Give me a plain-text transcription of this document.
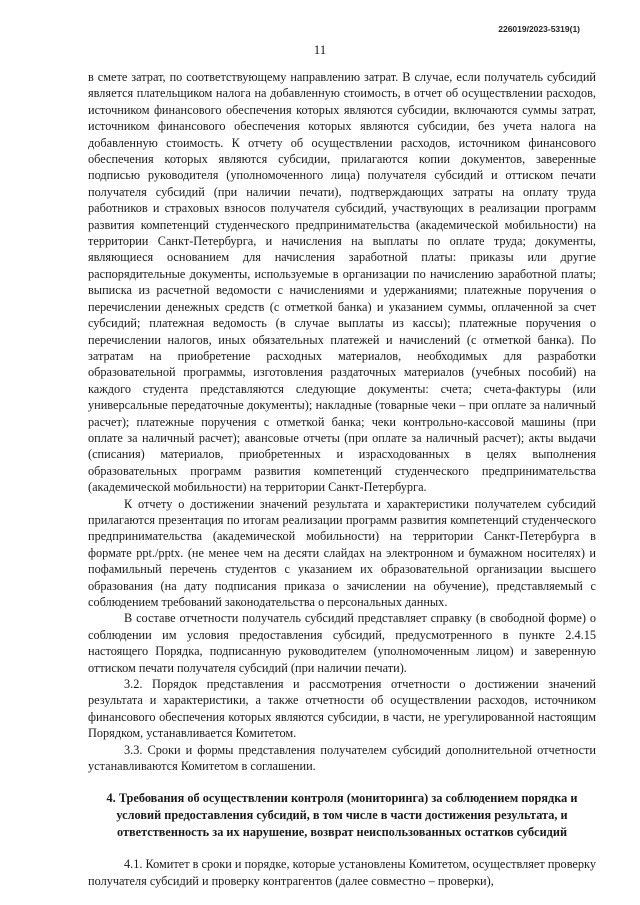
226019/2023-5319(1)
11

в смете затрат, по соответствующему направлению затрат. В случае, если получатель субсидий является плательщиком налога на добавленную стоимость, в отчет об осуществлении расходов, источником финансового обеспечения которых являются субсидии, включаются суммы затрат, источником финансового обеспечения которых являются субсидии, без учета налога на добавленную стоимость. К отчету об осуществлении расходов, источником финансового обеспечения которых являются субсидии, прилагаются копии документов, заверенные подписью руководителя (уполномоченного лица) получателя субсидий и оттиском печати получателя субсидий (при наличии печати), подтверждающих затраты на оплату труда работников и страховых взносов получателя субсидий, участвующих в реализации программ развития компетенций студенческого предпринимательства (академической мобильности) на территории Санкт-Петербурга, и начисления на выплаты по оплате труда; документы, являющиеся основанием для начисления заработной платы: приказы или другие распорядительные документы, используемые в организации по начислению заработной платы; выписка из расчетной ведомости с начислениями и удержаниями; платежные поручения о перечислении денежных средств (с отметкой банка) и указанием суммы, оплаченной за счет субсидий; платежная ведомость (в случае выплаты из кассы); платежные поручения о перечислении налогов, иных обязательных платежей и начислений (с отметкой банка). По затратам на приобретение расходных материалов, необходимых для разработки образовательной программы, изготовления раздаточных материалов (учебных пособий) на каждого студента представляются следующие документы: счета; счета-фактуры (или универсальные передаточные документы); накладные (товарные чеки – при оплате за наличный расчет); платежные поручения с отметкой банка; чеки контрольно-кассовой машины (при оплате за наличный расчет); авансовые отчеты (при оплате за наличный расчет); акты выдачи (списания) материалов, приобретенных и израсходованных в целях выполнения образовательных программ развития компетенций студенческого предпринимательства (академической мобильности) на территории Санкт-Петербурга.

К отчету о достижении значений результата и характеристики получателем субсидий прилагаются презентация по итогам реализации программ развития компетенций студенческого предпринимательства (академической мобильности) на территории Санкт-Петербурга в формате ppt./pptx. (не менее чем на десяти слайдах на электронном и бумажном носителях) и пофамильный перечень студентов с указанием их образовательной организации высшего образования (на дату подписания приказа о зачислении на обучение), представляемый с соблюдением требований законодательства о персональных данных.

В составе отчетности получатель субсидий представляет справку (в свободной форме) о соблюдении им условия предоставления субсидий, предусмотренного в пункте 2.4.15 настоящего Порядка, подписанную руководителем (уполномоченным лицом) и заверенную оттиском печати получателя субсидий (при наличии печати).

3.2. Порядок представления и рассмотрения отчетности о достижении значений результата и характеристики, а также отчетности об осуществлении расходов, источником финансового обеспечения которых являются субсидии, в части, не урегулированной настоящим Порядком, устанавливается Комитетом.

3.3. Сроки и формы представления получателем субсидий дополнительной отчетности устанавливаются Комитетом в соглашении.

4. Требования об осуществлении контроля (мониторинга) за соблюдением порядка и условий предоставления субсидий, в том числе в части достижения результата, и ответственность за их нарушение, возврат неиспользованных остатков субсидий

4.1. Комитет в сроки и порядке, которые установлены Комитетом, осуществляет проверку получателя субсидий и проверку контрагентов (далее совместно – проверки),
